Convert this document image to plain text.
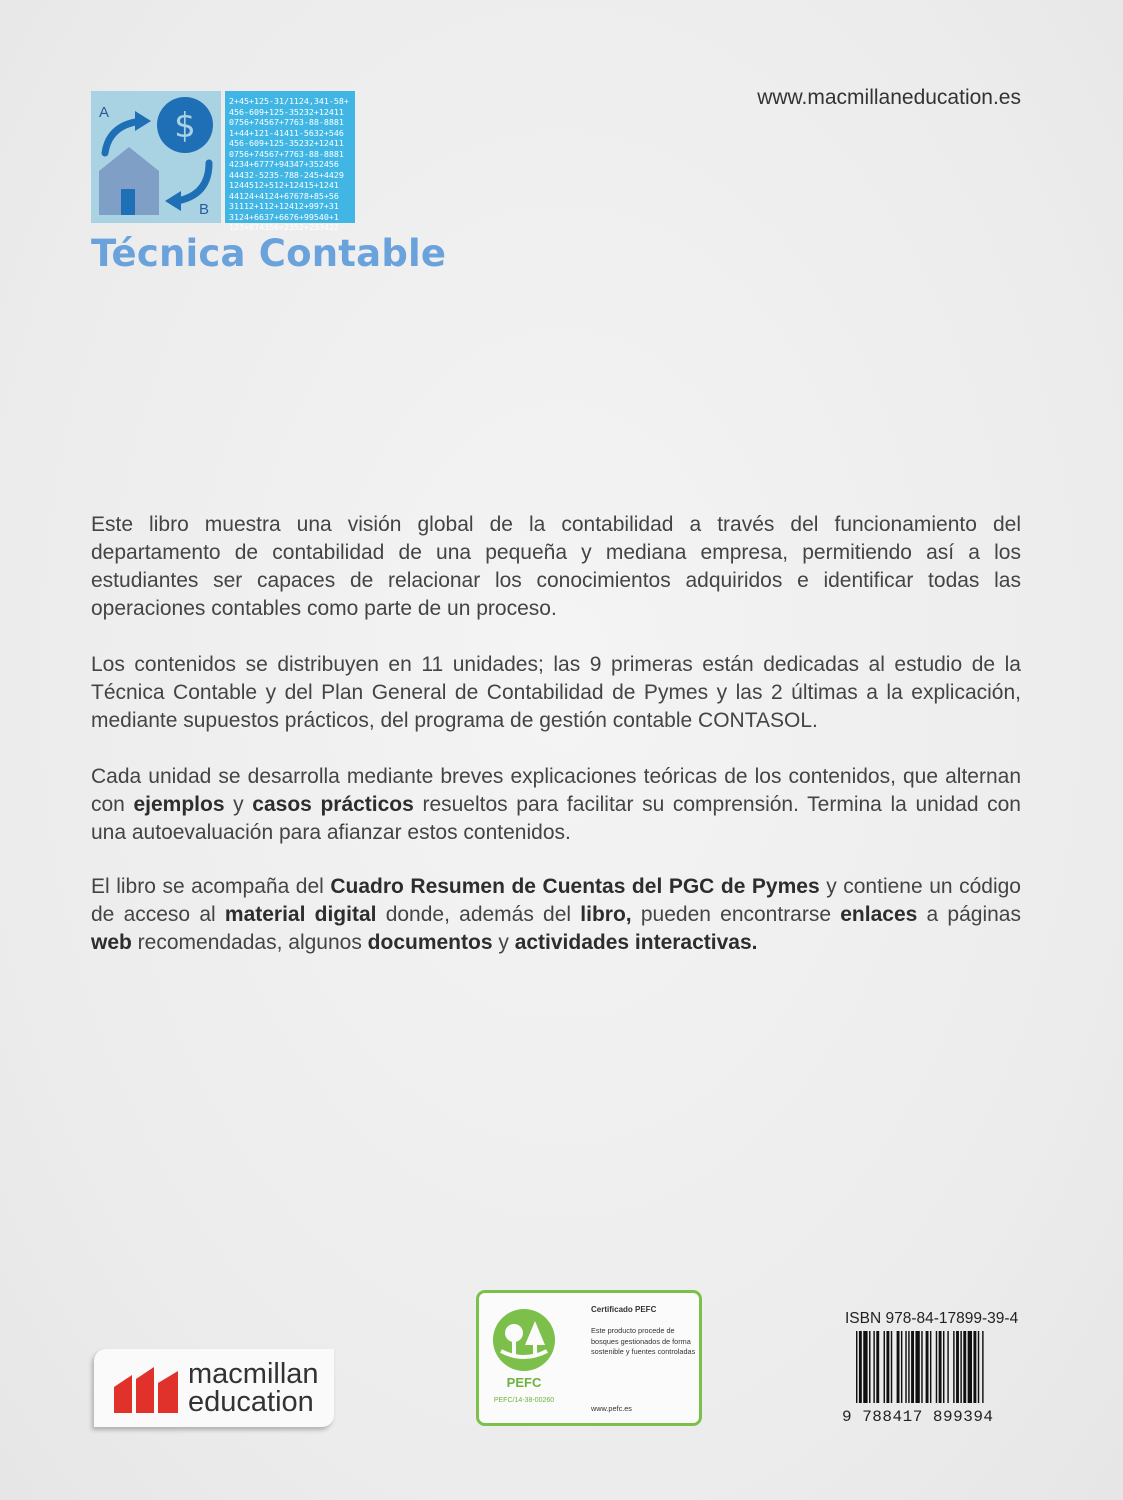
A
B
$
2+45+125-31/1124,341-58+
456-609+125-35232+12411
0756+74567+7763-88-8881
1+44+121-41411-5632+546
456-609+125-35232+12411
0756+74567+7763-88-8881
4234+6777+94347+352456
44432-5235-788-245+4429
1244512+512+12415+1241
44124+4124+67678+85+56
31112+112+12412+997+31
3124+6637+6676+99540+1
123+874356+2352+233422
Técnica Contable
www.macmillaneducation.es

Este libro muestra una visión global de la contabilidad a través del funcionamiento del departamento de contabilidad de una pequeña y mediana empresa, permitiendo así a los estudiantes ser capaces de relacionar los conocimientos adquiridos e identificar todas las operaciones contables como parte de un proceso.

Los contenidos se distribuyen en 11 unidades; las 9 primeras están dedicadas al estudio de la Técnica Contable y del Plan General de Contabilidad de Pymes y las 2 últimas a la explicación, mediante supuestos prácticos, del programa de gestión contable CONTASOL.

Cada unidad se desarrolla mediante breves explicaciones teóricas de los contenidos, que alternan con ejemplos y casos prácticos resueltos para facilitar su comprensión. Termina la unidad con una autoevaluación para afianzar estos contenidos.

El libro se acompaña del Cuadro Resumen de Cuentas del PGC de Pymes y contiene un código de acceso al material digital donde, además del libro, pueden encontrarse enlaces a páginas web recomendadas, algunos documentos y actividades interactivas.

macmillan
education
PEFC
PEFC/14-38-00260
Certificado PEFC
Este producto procede de bosques gestionados de forma sostenible y fuentes controladas
www.pefc.es
ISBN 978-84-17899-39-4
9 788417 899394
